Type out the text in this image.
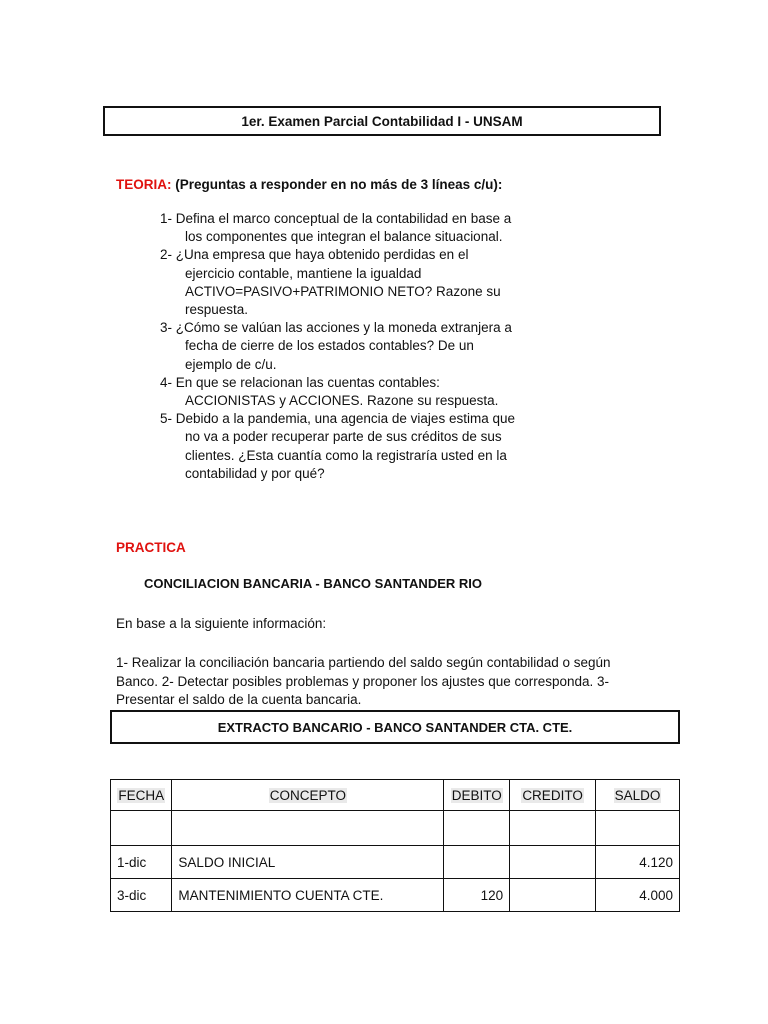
1er. Examen Parcial Contabilidad I - UNSAM
TEORIA: (Preguntas a responder en no más de 3 líneas c/u):
1- Defina el marco conceptual de la contabilidad en base a los componentes que integran el balance situacional.
2- ¿Una empresa que haya obtenido perdidas en el ejercicio contable, mantiene la igualdad ACTIVO=PASIVO+PATRIMONIO NETO? Razone su respuesta.
3- ¿Cómo se valúan las acciones y la moneda extranjera a fecha de cierre de los estados contables? De un ejemplo de c/u.
4- En que se relacionan las cuentas contables: ACCIONISTAS y ACCIONES. Razone su respuesta.
5- Debido a la pandemia, una agencia de viajes estima que no va a poder recuperar parte de sus créditos de sus clientes. ¿Esta cuantía como la registraría usted en la contabilidad y por qué?
PRACTICA
CONCILIACION BANCARIA - BANCO SANTANDER RIO
En base a la siguiente información:
1- Realizar la conciliación bancaria partiendo del saldo según contabilidad o según Banco. 2- Detectar posibles problemas y proponer los ajustes que corresponda. 3- Presentar el saldo de la cuenta bancaria.
EXTRACTO BANCARIO - BANCO SANTANDER CTA. CTE.
FECHA	CONCEPTO	DEBITO	CREDITO	SALDO

1-dic	SALDO INICIAL			4.120
3-dic	MANTENIMIENTO CUENTA CTE.	120		4.000
